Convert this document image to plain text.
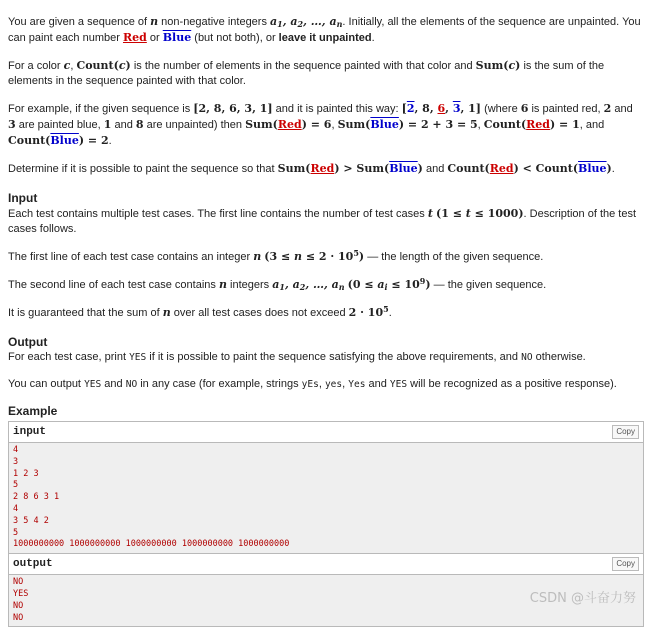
You are given a sequence of n non-negative integers $a_1$, $a_2$, …, $a_n$. Initially, all the elements of the sequence are unpainted. You can paint each number Red or Blue (but not both), or leave it unpainted.

For a color c, Count(c) is the number of elements in the sequence painted with that color and Sum(c) is the sum of the elements in the sequence painted with that color.

For example, if the given sequence is [2, 8, 6, 3, 1] and it is painted this way: [2, 8, 6, 3, 1] (where 6 is painted red, 2 and 3 are painted blue, 1 and 8 are unpainted) then Sum(Red) = 6, Sum(Blue) = 2 + 3 = 5, Count(Red) = 1, and Count(Blue) = 2.

Determine if it is possible to paint the sequence so that Sum(Red) > Sum(Blue) and Count(Red) < Count(Blue).

Input

Each test contains multiple test cases. The first line contains the number of test cases t (1 ≤ t ≤ 1000). Description of the test cases follows.

The first line of each test case contains an integer n $(3 \le n \le 2 \cdot 10^5)$ — the length of the given sequence.

The second line of each test case contains n integers $a_1$, $a_2$, …, $a_n$ $(0 \le a_i \le 10^9)$ — the given sequence.

It is guaranteed that the sum of n over all test cases does not exceed $2 \cdot 10^5$.

Output

For each test case, print YES if it is possible to paint the sequence satisfying the above requirements, and NO otherwise.

You can output YES and NO in any case (for example, strings yEs, yes, Yes and YES will be recognized as a positive response).

Example
input	Copy
4
3
1 2 3
5
2 8 6 3 1
4
3 5 4 2
5
1000000000 1000000000 1000000000 1000000000 1000000000
output	Copy
NO
YES
NO
NO
CSDN @斗奋力努
